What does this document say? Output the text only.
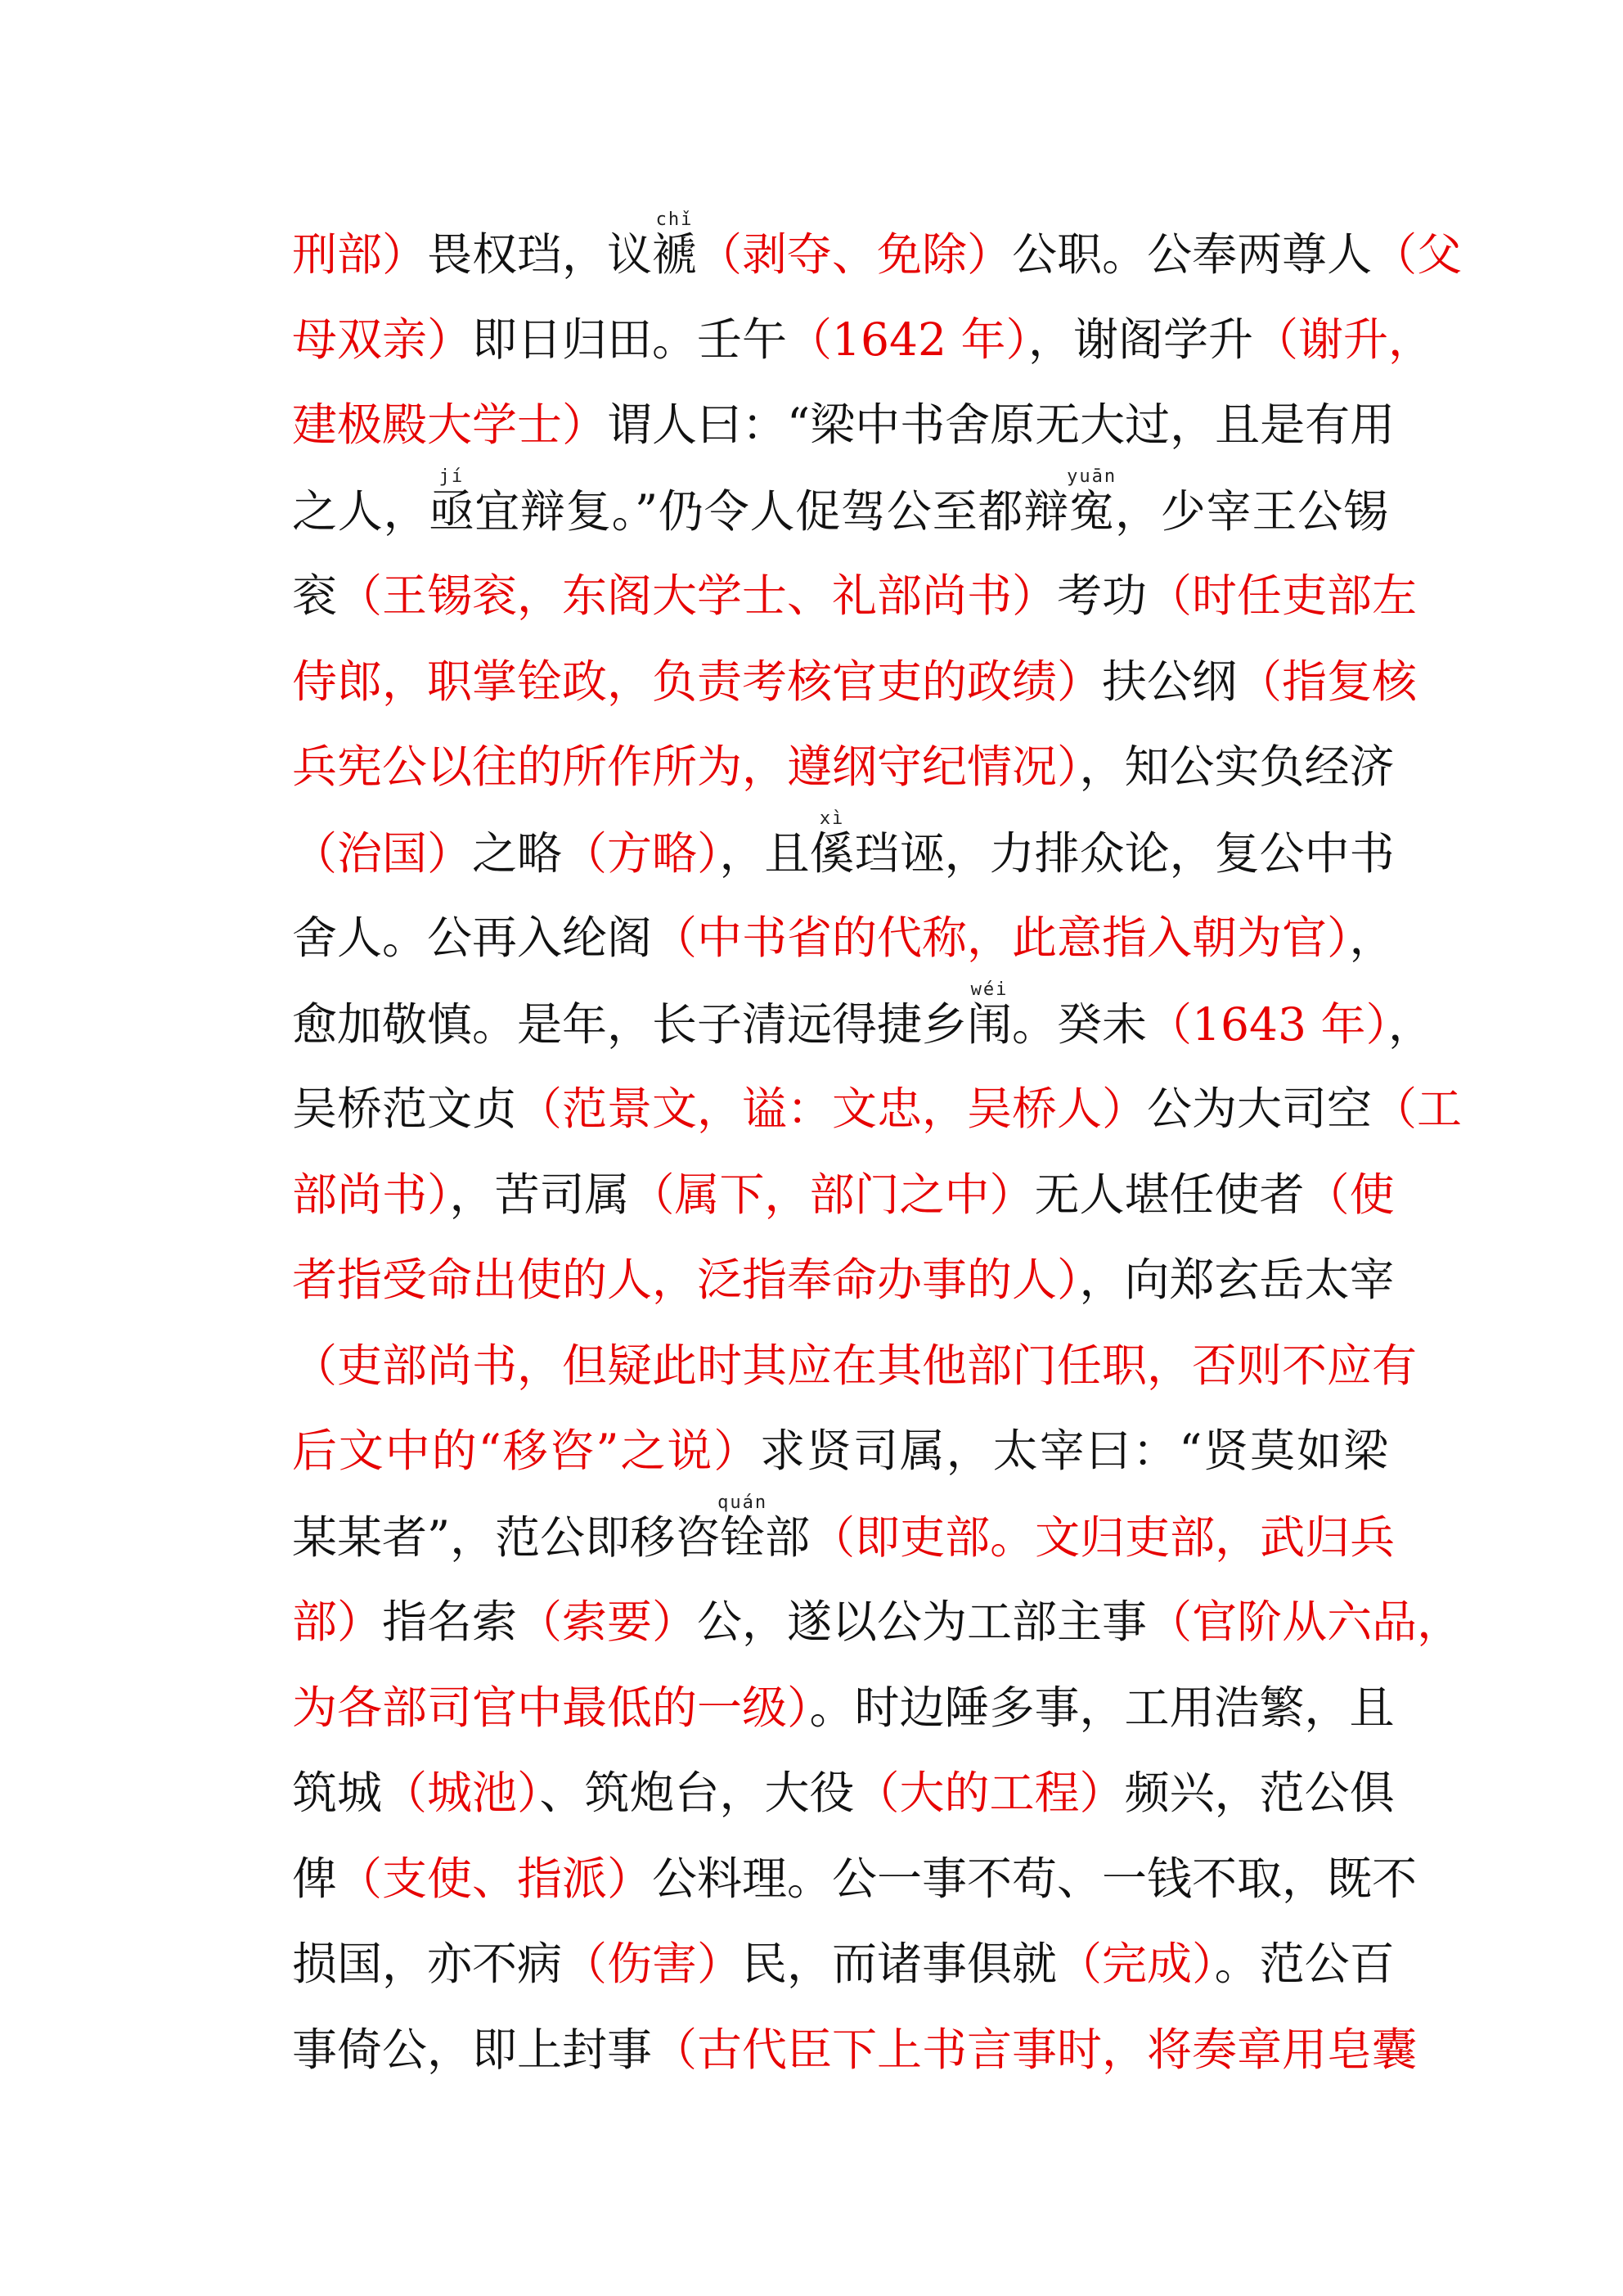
刑部）畏权珰，议褫chǐ（剥夺、免除）公职。公奉两尊人（父
母双亲）即日归田。壬午（1642 年），谢阁学升（谢升，
建极殿大学士）谓人曰：“梁中书舍原无大过，且是有用
之人，亟jí宜辩复。”仍令人促驾公至都辩寃yuān，少宰王公锡
衮（王锡衮，东阁大学士、礼部尚书）考功（时任吏部左
侍郎，职掌铨政，负责考核官吏的政绩）扶公纲（指复核
兵宪公以往的所作所为，遵纲守纪情况），知公实负经济
（治国）之略（方略），且傒xì珰诬，力排众论，复公中书
舍人。公再入纶阁（中书省的代称，此意指入朝为官），
愈加敬慎。是年，长子清远得捷乡闱wéi。癸未（1643 年），
吴桥范文贞（范景文，谥：文忠，吴桥人）公为大司空（工
部尚书），苦司属（属下，部门之中）无人堪任使者（使
者指受命出使的人，泛指奉命办事的人），向郑玄岳太宰
（吏部尚书，但疑此时其应在其他部门任职，否则不应有
后文中的“移咨”之说）求贤司属，太宰曰：“贤莫如梁
某某者”，范公即移咨铨quán部（即吏部。文归吏部，武归兵
部）指名索（索要）公，遂以公为工部主事（官阶从六品，
为各部司官中最低的一级）。时边陲多事，工用浩繁，且
筑城（城池）、筑炮台，大役（大的工程）频兴，范公俱
俾（支使、指派）公料理。公一事不苟、一钱不取，既不
损国，亦不病（伤害）民，而诸事俱就（完成）。范公百
事倚公，即上封事（古代臣下上书言事时，将奏章用皂囊
